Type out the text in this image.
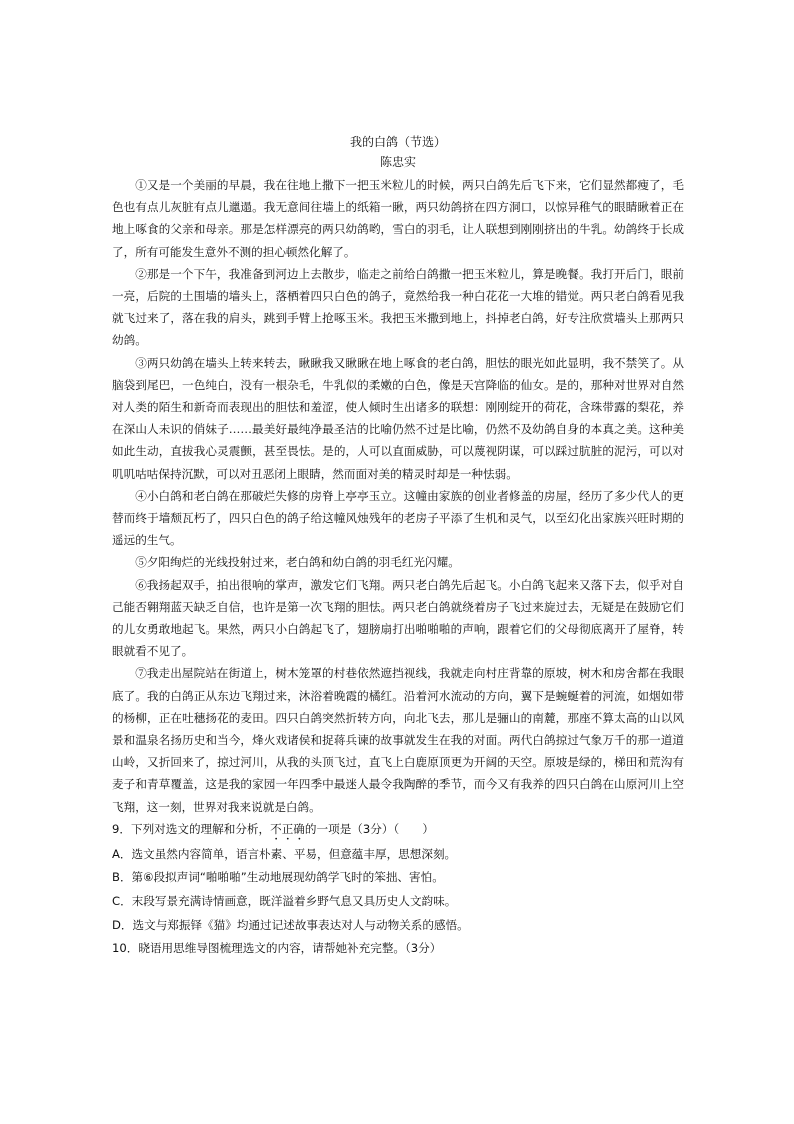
我的白鸽（节选）

陈忠实

①又是一个美丽的早晨，我在往地上撒下一把玉米粒儿的时候，两只白鸽先后飞下来，它们显然都瘦了，毛色也有点儿灰脏有点儿邋遢。我无意间往墙上的纸箱一瞅，两只幼鸽挤在四方洞口，以惊异稚气的眼睛瞅着正在地上啄食的父亲和母亲。那是怎样漂亮的两只幼鸽哟，雪白的羽毛，让人联想到刚刚挤出的牛乳。幼鸽终于长成了，所有可能发生意外不测的担心顿然化解了。

②那是一个下午，我准备到河边上去散步，临走之前给白鸽撒一把玉米粒儿，算是晚餐。我打开后门，眼前一亮，后院的土围墙的墙头上，落栖着四只白色的鸽子，竟然给我一种白花花一大堆的错觉。两只老白鸽看见我就飞过来了，落在我的肩头，跳到手臂上抢啄玉米。我把玉米撒到地上，抖掉老白鸽，好专注欣赏墙头上那两只幼鸽。

③两只幼鸽在墙头上转来转去，瞅瞅我又瞅瞅在地上啄食的老白鸽，胆怯的眼光如此显明，我不禁笑了。从脑袋到尾巴，一色纯白，没有一根杂毛，牛乳似的柔嫩的白色，像是天宫降临的仙女。是的，那种对世界对自然对人类的陌生和新奇而表现出的胆怯和羞涩，使人倾时生出诸多的联想：刚刚绽开的荷花，含珠带露的梨花，养在深山人未识的俏妹子……最美好最纯净最圣洁的比喻仍然不过是比喻，仍然不及幼鸽自身的本真之美。这种美如此生动，直拔我心灵震颤，甚至畏怯。是的，人可以直面威胁，可以蔑视阴谋，可以踩过肮脏的泥污，可以对叽叽咕咕保持沉默，可以对丑恶闭上眼睛，然而面对美的精灵时却是一种怯弱。

④小白鸽和老白鸽在那破烂失修的房脊上亭亭玉立。这幢由家族的创业者修盖的房屋，经历了多少代人的更替而终于墙颓瓦朽了，四只白色的鸽子给这幢风烛残年的老房子平添了生机和灵气，以至幻化出家族兴旺时期的遥远的生气。

⑤夕阳绚烂的光线投射过来，老白鸽和幼白鸽的羽毛红光闪耀。

⑥我扬起双手，拍出很响的掌声，激发它们飞翔。两只老白鸽先后起飞。小白鸽飞起来又落下去，似乎对自己能否翱翔蓝天缺乏自信，也许是第一次飞翔的胆怯。两只老白鸽就绕着房子飞过来旋过去，无疑是在鼓励它们的儿女勇敢地起飞。果然，两只小白鸽起飞了，翅膀扇打出啪啪啪的声响，跟着它们的父母彻底离开了屋脊，转眼就看不见了。

⑦我走出屋院站在街道上，树木笼罩的村巷依然遮挡视线，我就走向村庄背靠的原坡，树木和房舍都在我眼底了。我的白鸽正从东边飞翔过来，沐浴着晚霞的橘红。沿着河水流动的方向，翼下是蜿蜒着的河流，如烟如带的杨柳，正在吐穗扬花的麦田。四只白鸽突然折转方向，向北飞去，那儿是骊山的南麓，那座不算太高的山以风景和温泉名扬历史和当今，烽火戏诸侯和捉蒋兵谏的故事就发生在我的对面。两代白鸽掠过气象万千的那一道道山岭，又折回来了，掠过河川，从我的头顶飞过，直飞上白鹿原顶更为开阔的天空。原坡是绿的，梯田和荒沟有麦子和青草覆盖，这是我的家园一年四季中最迷人最令我陶醉的季节，而今又有我养的四只白鸽在山原河川上空飞翔，这一刻，世界对我来说就是白鸽。

9．下列对选文的理解和分析，不正确的一项是（3分）（　　）

A．选文虽然内容简单，语言朴素、平易，但意蕴丰厚，思想深刻。

B．第⑥段拟声词“啪啪啪”生动地展现幼鸽学飞时的笨拙、害怕。

C．末段写景充满诗情画意，既洋溢着乡野气息又具历史人文韵味。

D．选文与郑振铎《猫》均通过记述故事表达对人与动物关系的感悟。

10．晓语用思维导图梳理选文的内容，请帮她补充完整。（3分）
